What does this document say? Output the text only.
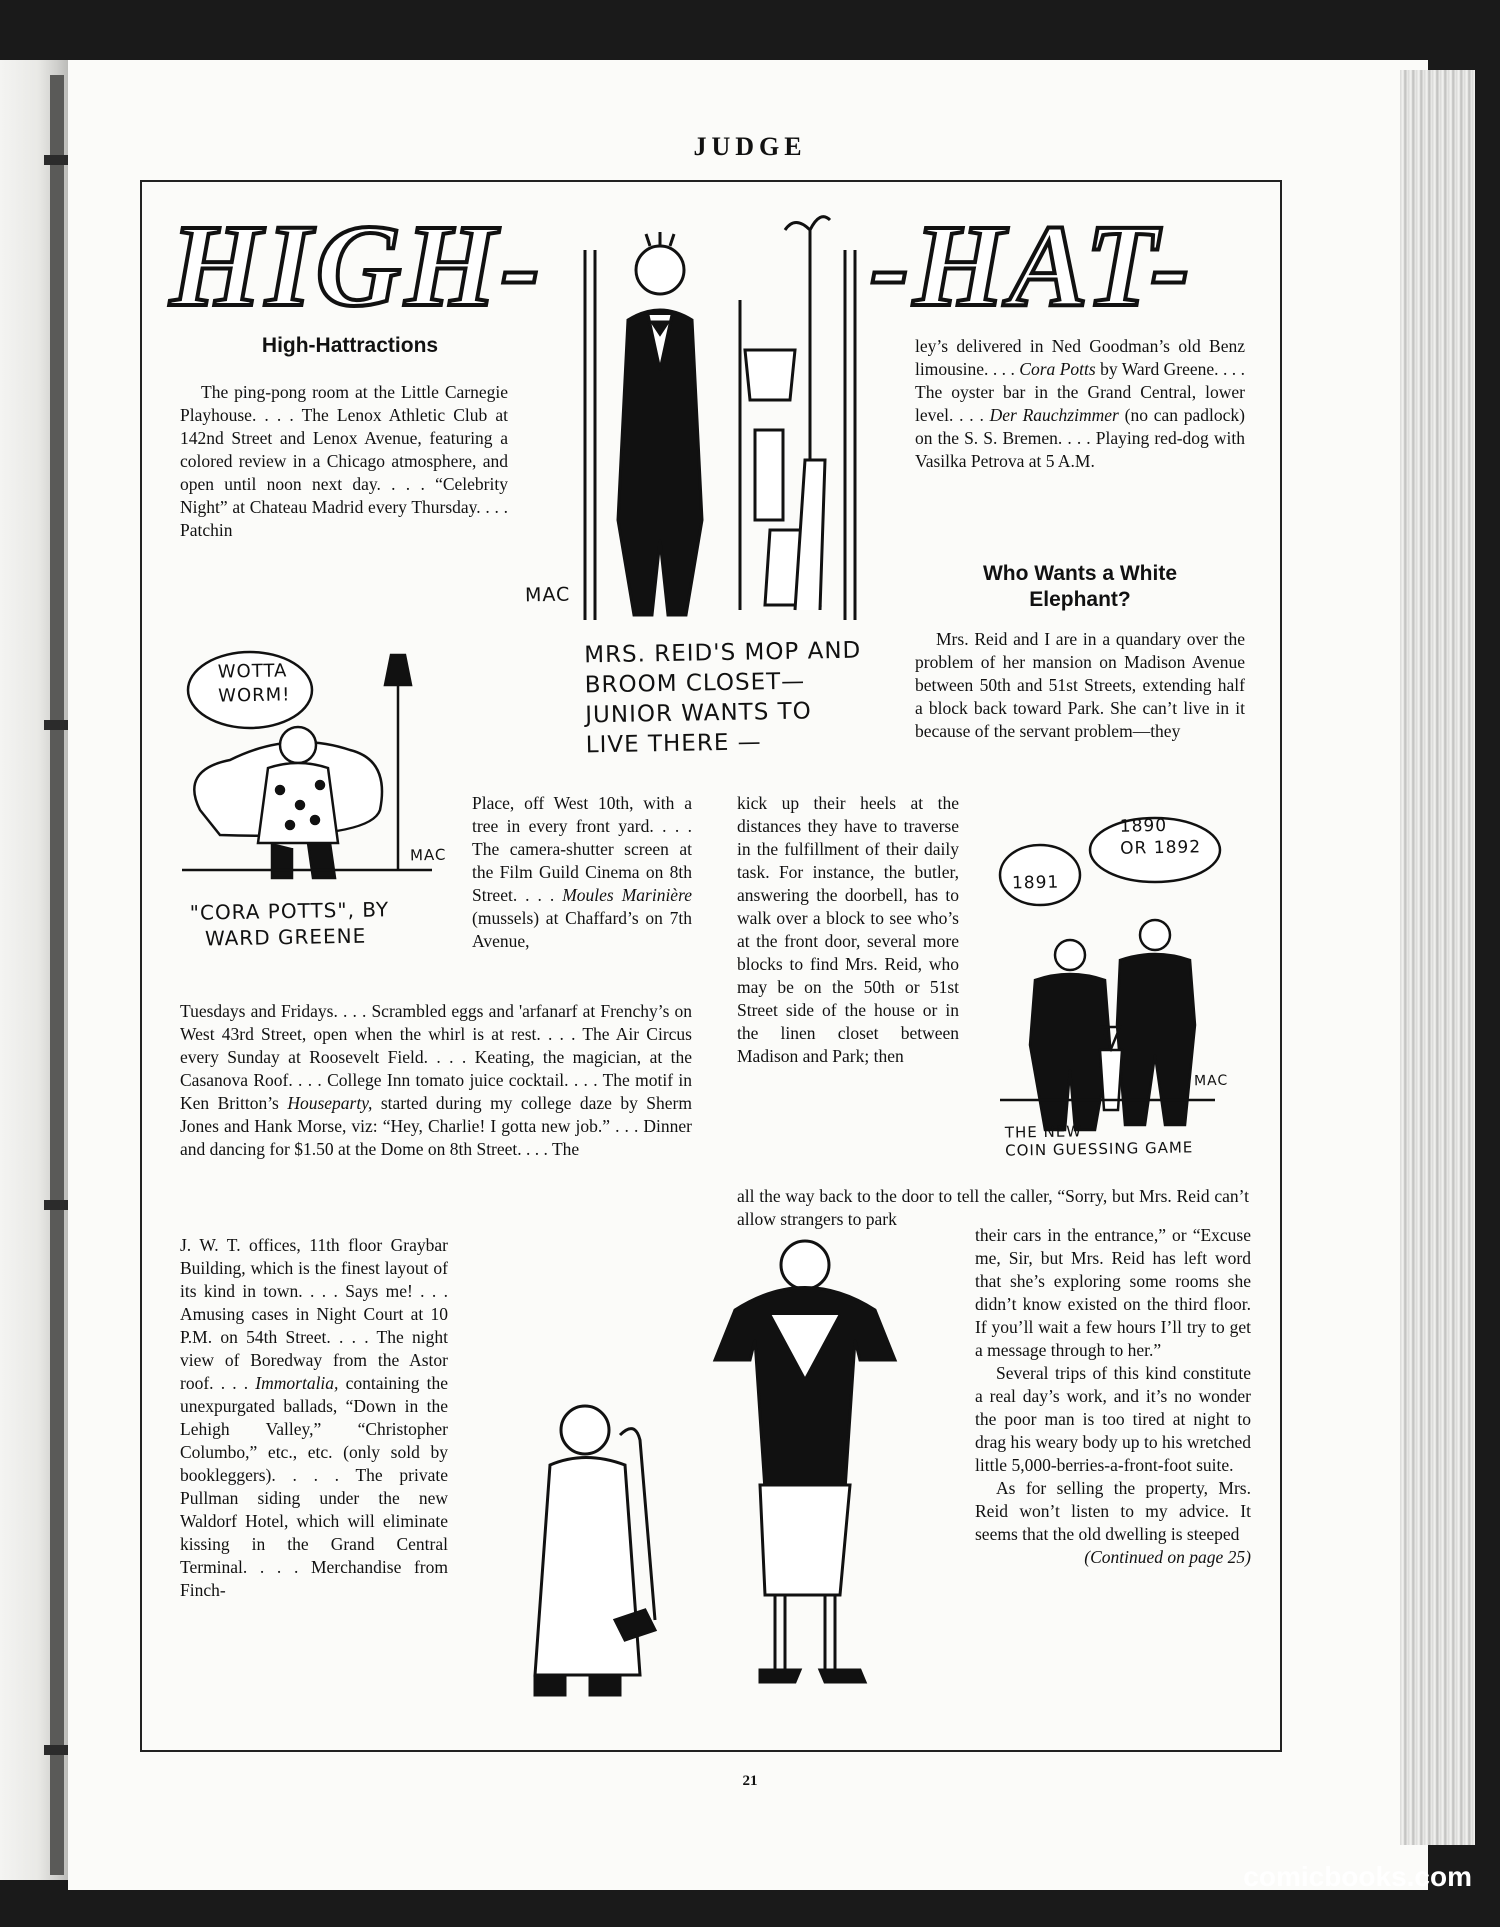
JUDGE
HIGH-	-HAT-
High-Hattractions

The ping-pong room at the Little Carnegie Playhouse. . . . The Lenox Athletic Club at 142nd Street and Lenox Avenue, featuring a colored review in a Chicago atmosphere, and open until noon next day. . . . “Celebrity Night” at Chateau Madrid every Thursday. . . . Patchin

MAC
MRS. REID'S MOP AND
BROOM CLOSET—
JUNIOR WANTS TO
LIVE THERE —

ley’s delivered in Ned Goodman’s old Benz limousine. . . . Cora Potts by Ward Greene. . . . The oyster bar in the Grand Central, lower level. . . . Der Rauchzimmer (no can padlock) on the S. S. Bremen. . . . Playing red-dog with Vasilka Petrova at 5 A.M.

Who Wants a White Elephant?

Mrs. Reid and I are in a quandary over the problem of her mansion on Madison Avenue between 50th and 51st Streets, extending half a block back toward Park. She can’t live in it because of the servant problem—they

WOTTA
WORM!
MAC
"CORA POTTS", BY
WARD GREENE

Place, off West 10th, with a tree in every front yard. . . . The camera-shutter screen at the Film Guild Cinema on 8th Street. . . . Moules Marinière (mussels) at Chaffard’s on 7th Avenue,

kick up their heels at the distances they have to traverse in the fulfillment of their daily task. For instance, the butler, answering the doorbell, has to walk over a block to see who’s at the front door, several more blocks to find Mrs. Reid, who may be on the 50th or 51st Street side of the house or in the linen closet between Madison and Park; then

1891
1890
OR 1892
MAC
THE NEW
COIN GUESSING GAME

Tuesdays and Fridays. . . . Scrambled eggs and 'arfanarf at Frenchy’s on West 43rd Street, open when the whirl is at rest. . . . The Air Circus every Sunday at Roosevelt Field. . . . Keating, the magician, at the Casanova Roof. . . . College Inn tomato juice cocktail. . . . The motif in Ken Britton’s Houseparty, started during my college daze by Sherm Jones and Hank Morse, viz: “Hey, Charlie! I gotta new job.” . . . Dinner and dancing for $1.50 at the Dome on 8th Street. . . . The

all the way back to the door to tell the caller, “Sorry, but Mrs. Reid can’t allow strangers to park

J. W. T. offices, 11th floor Graybar Building, which is the finest layout of its kind in town. . . . Says me! . . . Amusing cases in Night Court at 10 P.M. on 54th Street. . . . The night view of Boredway from the Astor roof. . . . Immortalia, containing the unexpurgated ballads, “Down in the Lehigh Valley,” “Christopher Columbo,” etc., etc. (only sold by bookleggers). . . . The private Pullman siding under the new Waldorf Hotel, which will eliminate kissing in the Grand Central Terminal. . . . Merchandise from Finch-

their cars in the entrance,” or “Excuse me, Sir, but Mrs. Reid has left word that she’s exploring some rooms she didn’t know existed on the third floor. If you’ll wait a few hours I’ll try to get a message through to her.”

Several trips of this kind constitute a real day’s work, and it’s no wonder the poor man is too tired at night to drag his weary body up to his wretched little 5,000-berries-a-front-foot suite.

As for selling the property, Mrs. Reid won’t listen to my advice. It seems that the old dwelling is steeped

(Continued on page 25)

21
comicbooks.com
